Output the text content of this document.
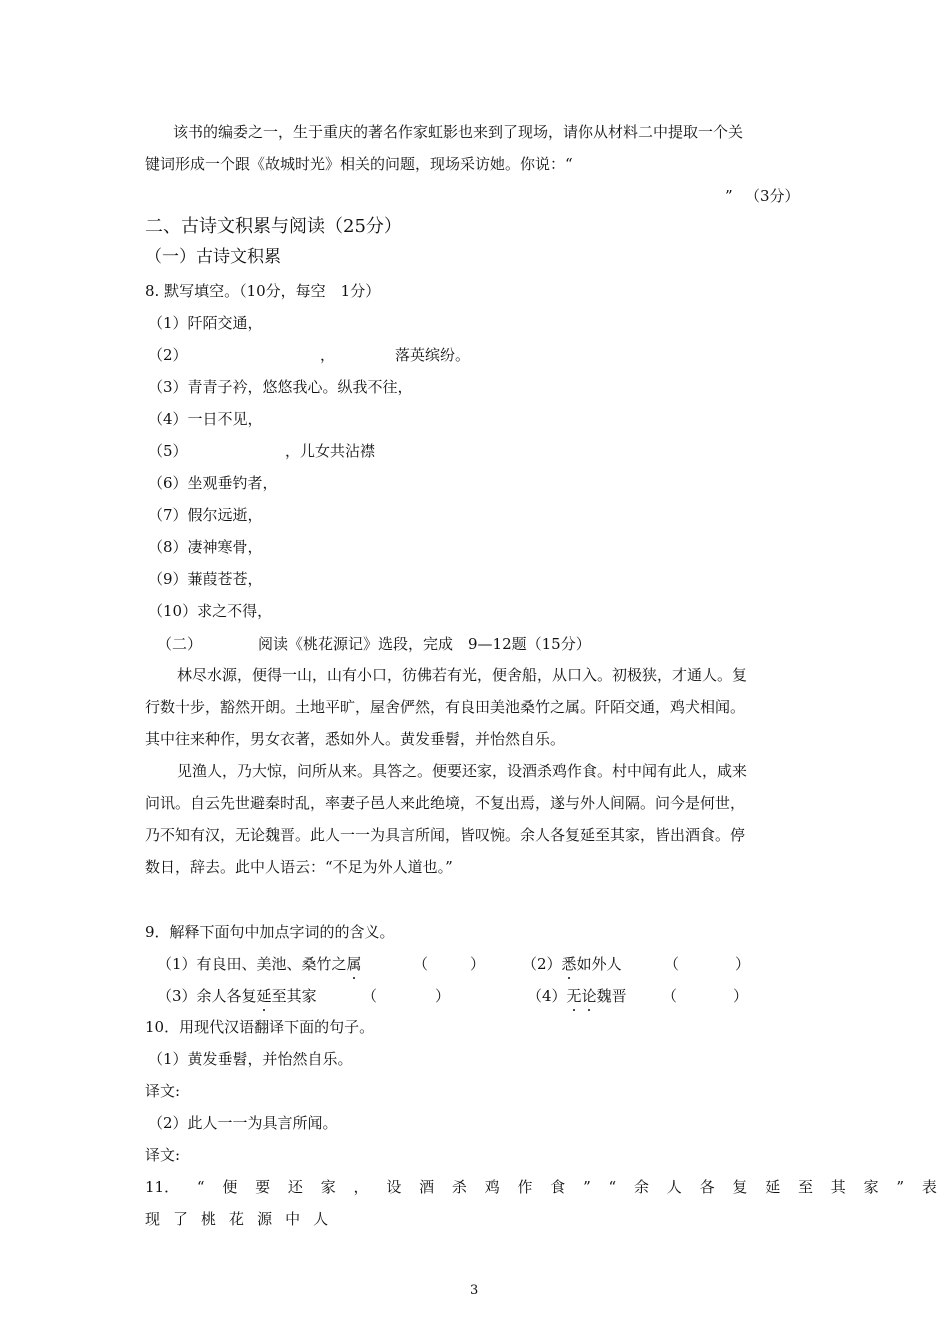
该书的编委之一，生于重庆的著名作家虹影也来到了现场，请你从材料二中提取一个关
键词形成一个跟《故城时光》相关的问题，现场采访她。你说：“
” （3分）
二、古诗文积累与阅读（25分）
（一）古诗文积累
8. 默写填空。（10分，每空　1分）
（1）阡陌交通，
（2）	，	落英缤纷。
（3）青青子衿，悠悠我心。纵我不往，
（4）一日不见，
（5）	，儿女共沾襟
（6）坐观垂钓者，
（7）假尔远逝，
（8）凄神寒骨，
（9）蒹葭苍苍，
（10）求之不得，
（二）	阅读《桃花源记》选段，完成　9—12题（15分）
林尽水源，便得一山，山有小口，彷佛若有光，便舍船，从口入。初极狭，才通人。复
行数十步，豁然开朗。土地平旷，屋舍俨然，有良田美池桑竹之属。阡陌交通，鸡犬相闻。
其中往来种作，男女衣著，悉如外人。黄发垂髫，并怡然自乐。
见渔人，乃大惊，问所从来。具答之。便要还家，设酒杀鸡作食。村中闻有此人，咸来
问讯。自云先世避秦时乱，率妻子邑人来此绝境，不复出焉，遂与外人间隔。问今是何世，
乃不知有汉，无论魏晋。此人一一为具言所闻，皆叹惋。余人各复延至其家，皆出酒食。停
数日，辞去。此中人语云：“不足为外人道也。”
9．解释下面句中加点字词的的含义。
（1）有良田、美池、桑竹之属	（	） （2）悉如外人	（	）
（3）余人各复延至其家	（	）	（4）无论魏晋 （	）
10．用现代汉语翻译下面的句子。
（1）黄发垂髫，并怡然自乐。
译文:
（2）此人一一为具言所闻。
译文:
11． “ 便 要 还 家 ， 设 酒 杀 鸡 作 食 ” “ 余 人 各 复 延 至 其 家 ” 表
现 了 桃 花 源 中 人
3
